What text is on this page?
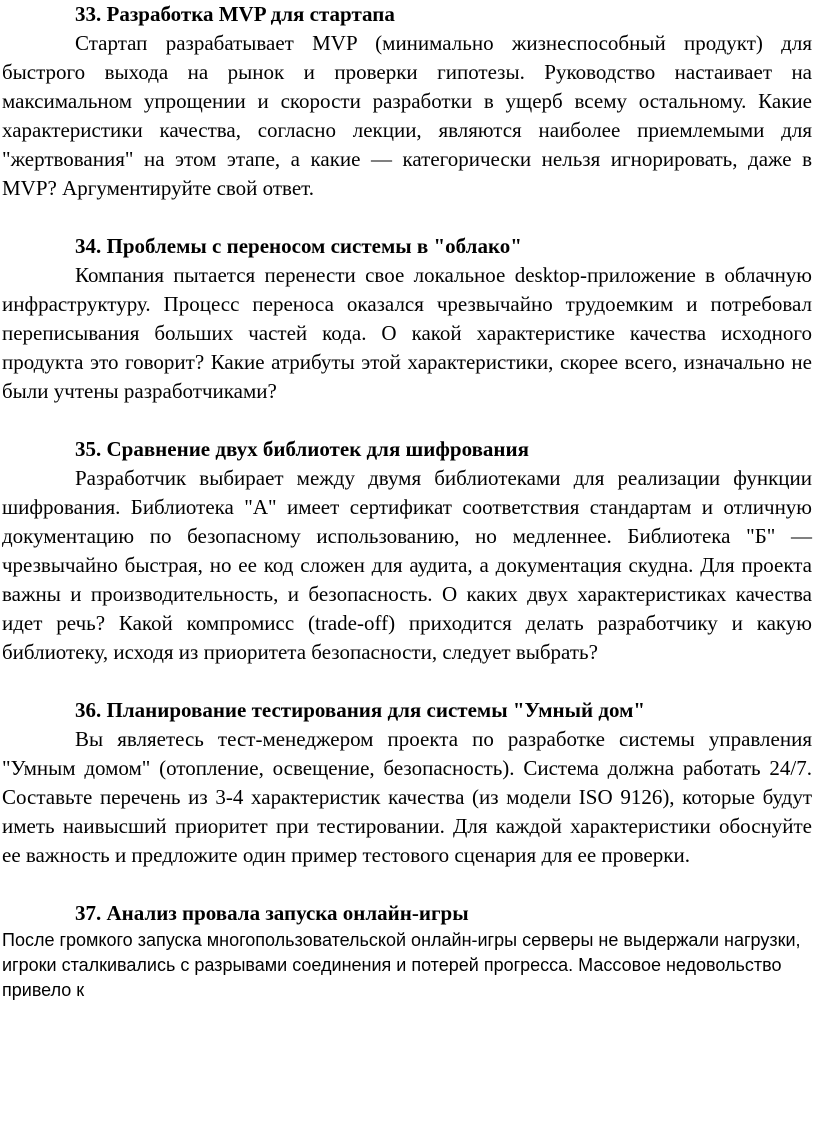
33. Разработка MVP для стартапа

Стартап разрабатывает MVP (минимально жизнеспособный продукт) для быстрого выхода на рынок и проверки гипотезы. Руководство настаивает на максимальном упрощении и скорости разработки в ущерб всему остальному. Какие характеристики качества, согласно лекции, являются наиболее приемлемыми для "жертвования" на этом этапе, а какие — категорически нельзя игнорировать, даже в MVP? Аргументируйте свой ответ.

34. Проблемы с переносом системы в "облако"

Компания пытается перенести свое локальное desktop-приложение в облачную инфраструктуру. Процесс переноса оказался чрезвычайно трудоемким и потребовал переписывания больших частей кода. О какой характеристике качества исходного продукта это говорит? Какие атрибуты этой характеристики, скорее всего, изначально не были учтены разработчиками?

35. Сравнение двух библиотек для шифрования

Разработчик выбирает между двумя библиотеками для реализации функции шифрования. Библиотека "А" имеет сертификат соответствия стандартам и отличную документацию по безопасному использованию, но медленнее. Библиотека "Б" — чрезвычайно быстрая, но ее код сложен для аудита, а документация скудна. Для проекта важны и производительность, и безопасность. О каких двух характеристиках качества идет речь? Какой компромисс (trade-off) приходится делать разработчику и какую библиотеку, исходя из приоритета безопасности, следует выбрать?

36. Планирование тестирования для системы "Умный дом"

Вы являетесь тест-менеджером проекта по разработке системы управления "Умным домом" (отопление, освещение, безопасность). Система должна работать 24/7. Составьте перечень из 3-4 характеристик качества (из модели ISO 9126), которые будут иметь наивысший приоритет при тестировании. Для каждой характеристики обоснуйте ее важность и предложите один пример тестового сценария для ее проверки.

37. Анализ провала запуска онлайн-игры

После громкого запуска многопользовательской онлайн-игры серверы не выдержали нагрузки, игроки сталкивались с разрывами соединения и потерей прогресса. Массовое недовольство привело к
